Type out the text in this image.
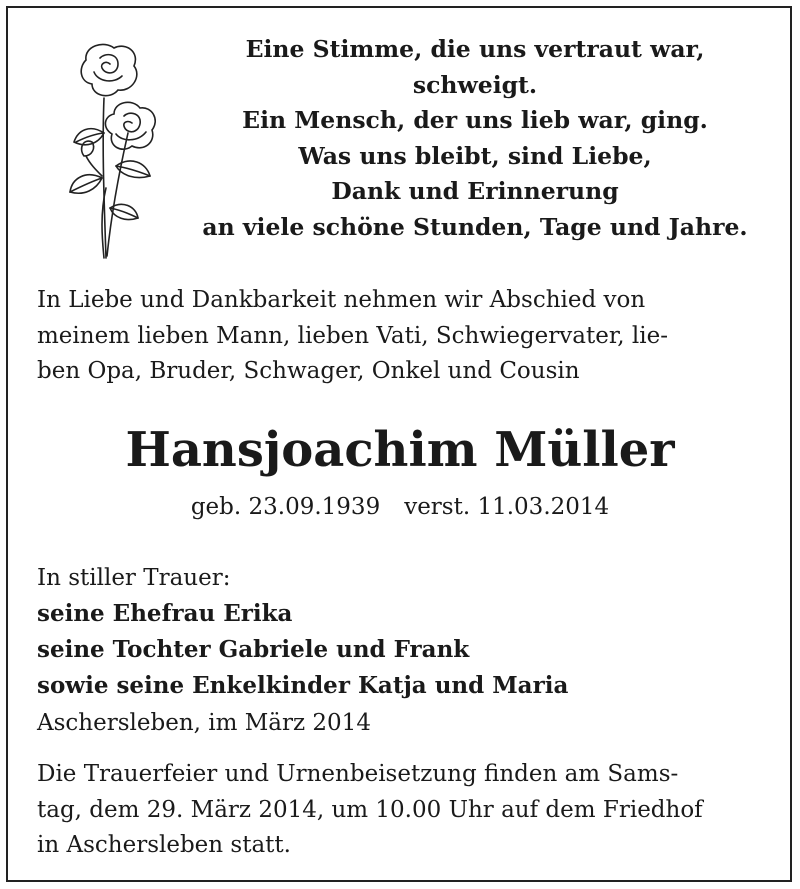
Eine Stimme, die uns vertraut war,
schweigt.
Ein Mensch, der uns lieb war, ging.
Was uns bleibt, sind Liebe,
Dank und Erinnerung
an viele schöne Stunden, Tage und Jahre.
In Liebe und Dankbarkeit nehmen wir Abschied von
meinem lieben Mann, lieben Vati, Schwiegervater, lie-
ben Opa, Bruder, Schwager, Onkel und Cousin
Hansjoachim Müller
geb. 23.09.1939 verst. 11.03.2014
In stiller Trauer:
seine Ehefrau Erika
seine Tochter Gabriele und Frank
sowie seine Enkelkinder Katja und Maria
Aschersleben, im März 2014
Die Trauerfeier und Urnenbeisetzung finden am Sams-
tag, dem 29. März 2014, um 10.00 Uhr auf dem Friedhof
in Aschersleben statt.
